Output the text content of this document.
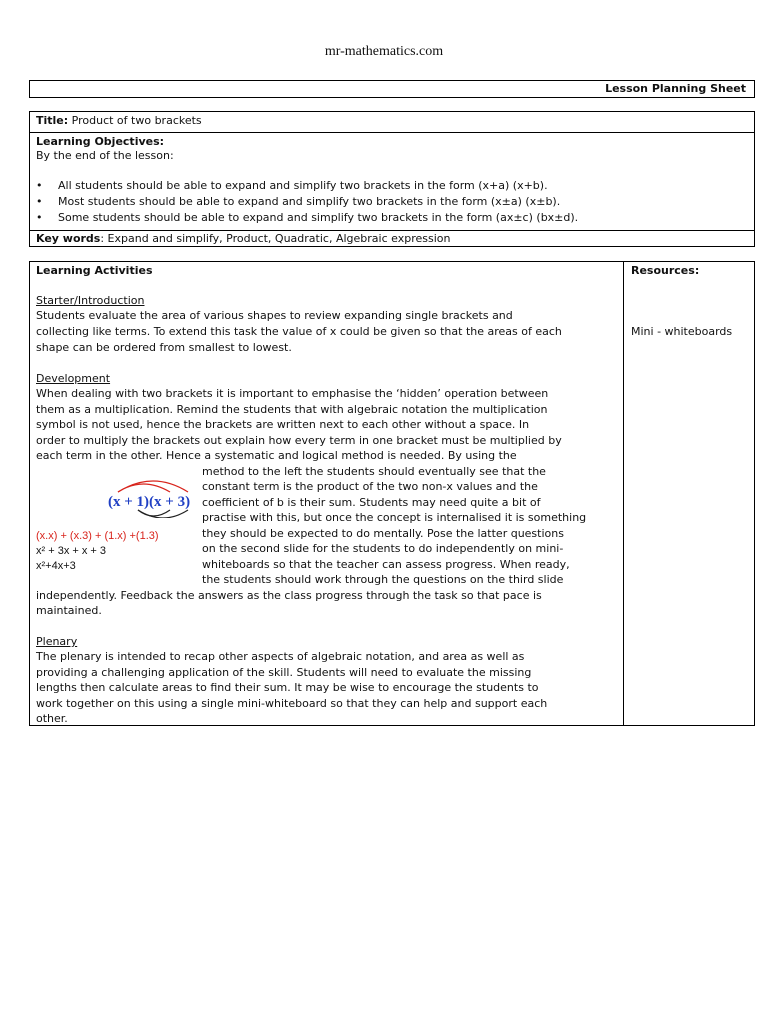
mr-mathematics.com
Lesson Planning Sheet
Title: Product of two brackets
Learning Objectives:
By the end of the lesson:
• All students should be able to expand and simplify two brackets in the form (x+a) (x+b).
• Most students should be able to expand and simplify two brackets in the form (x±a) (x±b).
• Some students should be able to expand and simplify two brackets in the form (ax±c) (bx±d).
Key words: Expand and simplify, Product, Quadratic, Algebraic expression
Learning Activities	Resources:
Mini - whiteboards
Starter/Introduction
Students evaluate the area of various shapes to review expanding single brackets and
collecting like terms. To extend this task the value of x could be given so that the areas of each
shape can be ordered from smallest to lowest.
Development
When dealing with two brackets it is important to emphasise the ‘hidden’ operation between
them as a multiplication. Remind the students that with algebraic notation the multiplication
symbol is not used, hence the brackets are written next to each other without a space. In
order to multiply the brackets out explain how every term in one bracket must be multiplied by
each term in the other. Hence a systematic and logical method is needed. By using the
method to the left the students should eventually see that the
constant term is the product of the two non-x values and the
coefficient of b is their sum. Students may need quite a bit of
practise with this, but once the concept is internalised it is something
they should be expected to do mentally. Pose the latter questions
on the second slide for the students to do independently on mini-
whiteboards so that the teacher can assess progress. When ready,
the students should work through the questions on the third slide
(x + 1)(x + 3)
(x.x) + (x.3) + (1.x) +(1.3)
x² + 3x + x + 3
x²+4x+3
independently. Feedback the answers as the class progress through the task so that pace is
maintained.
Plenary
The plenary is intended to recap other aspects of algebraic notation, and area as well as
providing a challenging application of the skill. Students will need to evaluate the missing
lengths then calculate areas to find their sum. It may be wise to encourage the students to
work together on this using a single mini-whiteboard so that they can help and support each
other.
